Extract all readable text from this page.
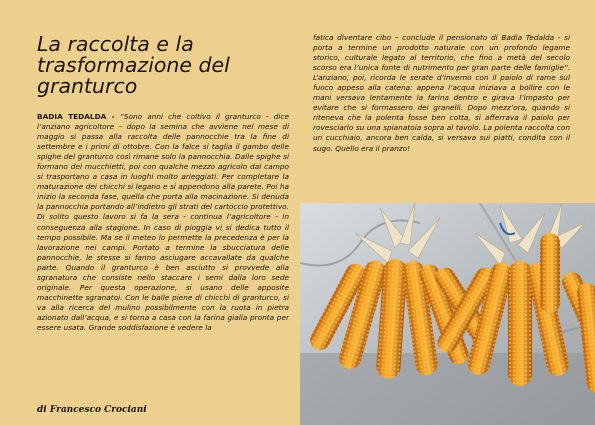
La raccolta e la trasformazione del granturco
BADIA TEDALDA - “Sono anni che coltivo il granturco - dice l’anziano agricoltore – dopo la semina che avviene nel mese di maggio si passa alla raccolta delle pannocchie tra la fine di settembre e i primi di ottobre. Con la falce si taglia il gambo delle spighe del granturco così rimane solo la pannocchia. Dalle spighe si formano dei mucchietti, poi con qualche mezzo agricolo dal campo si trasportano a casa in luoghi molto arieggiati. Per completare la maturazione dei chicchi si legano e si appendono alla parete. Poi ha inizio la seconda fase, quella che porta alla macinazione. Si denuda la pannocchia portando all’indietro gli strati del cartoccio protettivo. Di solito questo lavoro si fa la sera - continua l’agricoltore - in conseguenza alla stagione. In caso di pioggia vi si dedica tutto il tempo possibile. Ma se il meteo lo permette la precedenza è per la lavorazione nei campi. Portato a termine la sbucciatura delle pannocchie, le stesse si fanno asciugare accavallate da qualche parte. Quando il granturco è ben asciutto si provvede alla sgranatura che consiste nello staccare i semi dalla loro sede originale. Per questa operazione, si usano delle apposite macchinette sgranatoi. Con le balle piene di chicchi di granturco, si va alla ricerca del mulino possibilmente con la ruota in pietra azionato dall’acqua, e si torna a casa con la farina gialla pronta per essere usata. Grande soddisfazione è vedere la
fatica diventare cibo – conclude il pensionato di Badia Tedalda - si porta a termine un prodotto naturale con un profondo legame storico, culturale legato al territorio, che fino a metà del secolo scorso era l’unica fonte di nutrimento per gran parte delle famiglie”. L’anziano, poi, ricorda le serate d’inverno con il paiolo di rame sul fuoco appeso alla catena: appena l’acqua iniziava a bollire con le mani versava lentamente la farina dentro e girava l’impasto per evitare che si formassero dei granelli. Dopo mezz’ora, quando si riteneva che la polenta fosse ben cotta, si afferrava il paiolo per rovesciarlo su una spianatoia sopra al tavolo. La polenta raccolta con un cucchiaio, ancora ben calda, si versava sui piatti, condita con il sugo. Quello era il pranzo!
di Francesco Crociani
